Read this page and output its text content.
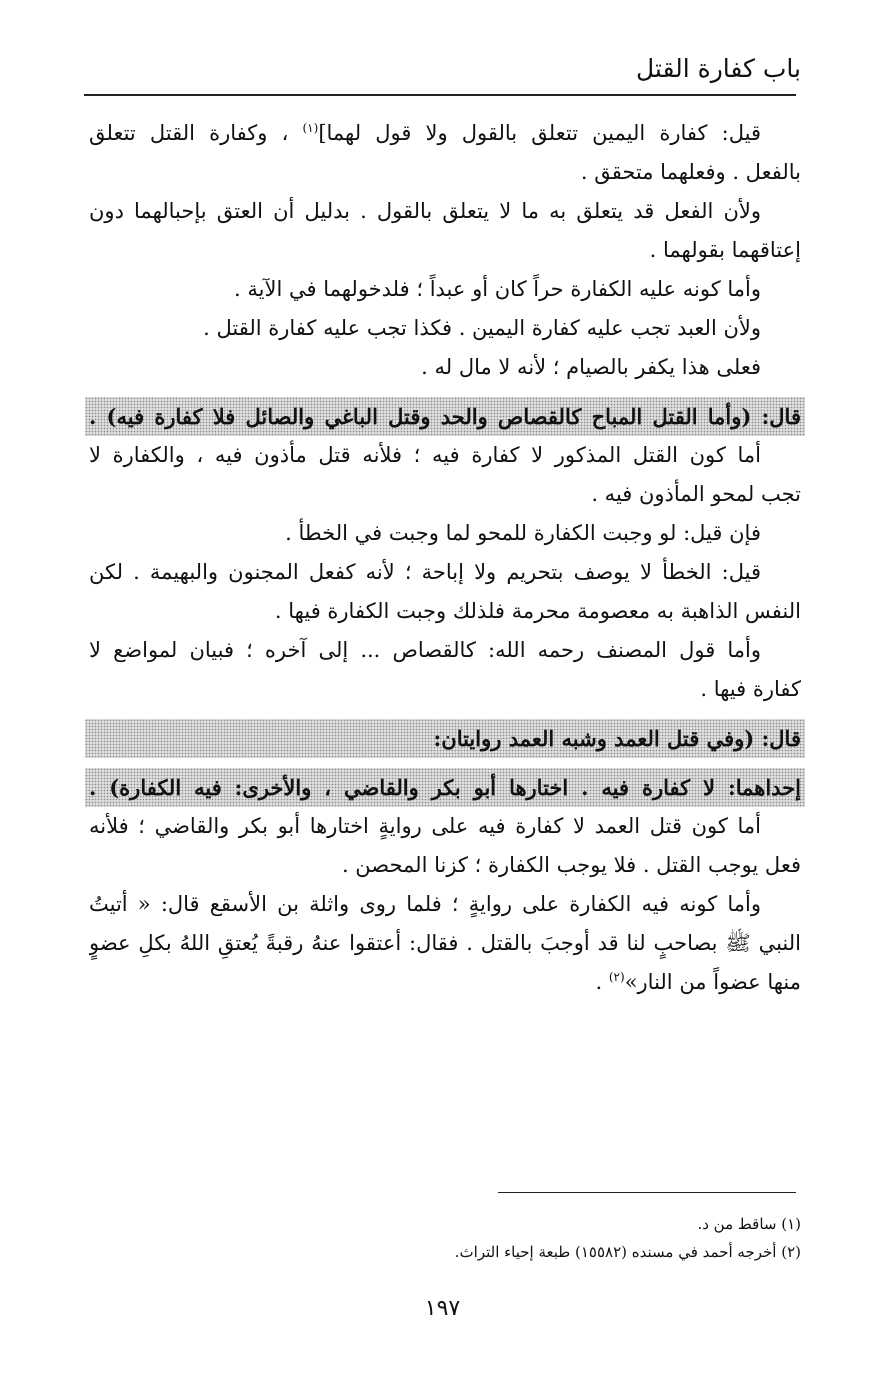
باب كفارة القتل
قيل: كفارة اليمين تتعلق بالقول ولا قول لهما]$^{(١)}$ ، وكفارة القتل تتعلق
بالفعل . وفعلهما متحقق .
ولأن الفعل قد يتعلق به ما لا يتعلق بالقول . بدليل أن العتق بإحبالهما دون
إعتاقهما بقولهما .
وأما كونه عليه الكفارة حراً كان أو عبداً ؛ فلدخولهما في الآية .
ولأن العبد تجب عليه كفارة اليمين . فكذا تجب عليه كفارة القتل .
فعلى هذا يكفر بالصيام ؛ لأنه لا مال له .
قال: (وأما القتل المباح كالقصاص والحد وقتل الباغي والصائل فلا كفارة فيه) .
أما كون القتل المذكور لا كفارة فيه ؛ فلأنه قتل مأذون فيه ، والكفارة لا
تجب لمحو المأذون فيه .
فإن قيل: لو وجبت الكفارة للمحو لما وجبت في الخطأ .
قيل: الخطأ لا يوصف بتحريم ولا إباحة ؛ لأنه كفعل المجنون والبهيمة . لكن
النفس الذاهبة به معصومة محرمة فلذلك وجبت الكفارة فيها .
وأما قول المصنف رحمه الله: كالقصاص ... إلى آخره ؛ فبيان لمواضع لا
كفارة فيها .
قال: (وفي قتل العمد وشبه العمد روايتان:
إحداهما: لا كفارة فيه . اختارها أبو بكر والقاضي ، والأخرى: فيه الكفارة) .
أما كون قتل العمد لا كفارة فيه على روايةٍ اختارها أبو بكر والقاضي ؛ فلأنه
فعل يوجب القتل . فلا يوجب الكفارة ؛ كزنا المحصن .
وأما كونه فيه الكفارة على روايةٍ ؛ فلما روى واثلة بن الأسقع قال: « أتيتُ
النبي ﷺ بصاحبٍ لنا قد أوجبَ بالقتل . فقال: أعتقوا عنهُ رقبةً يُعتقِ اللهُ بكلِ عضوٍ
منها عضواً من النار»$^{(٢)}$ .
(١) ساقط من د.
(٢) أخرجه أحمد في مسنده (١٥٥٨٢) طبعة إحياء التراث.
١٩٧
